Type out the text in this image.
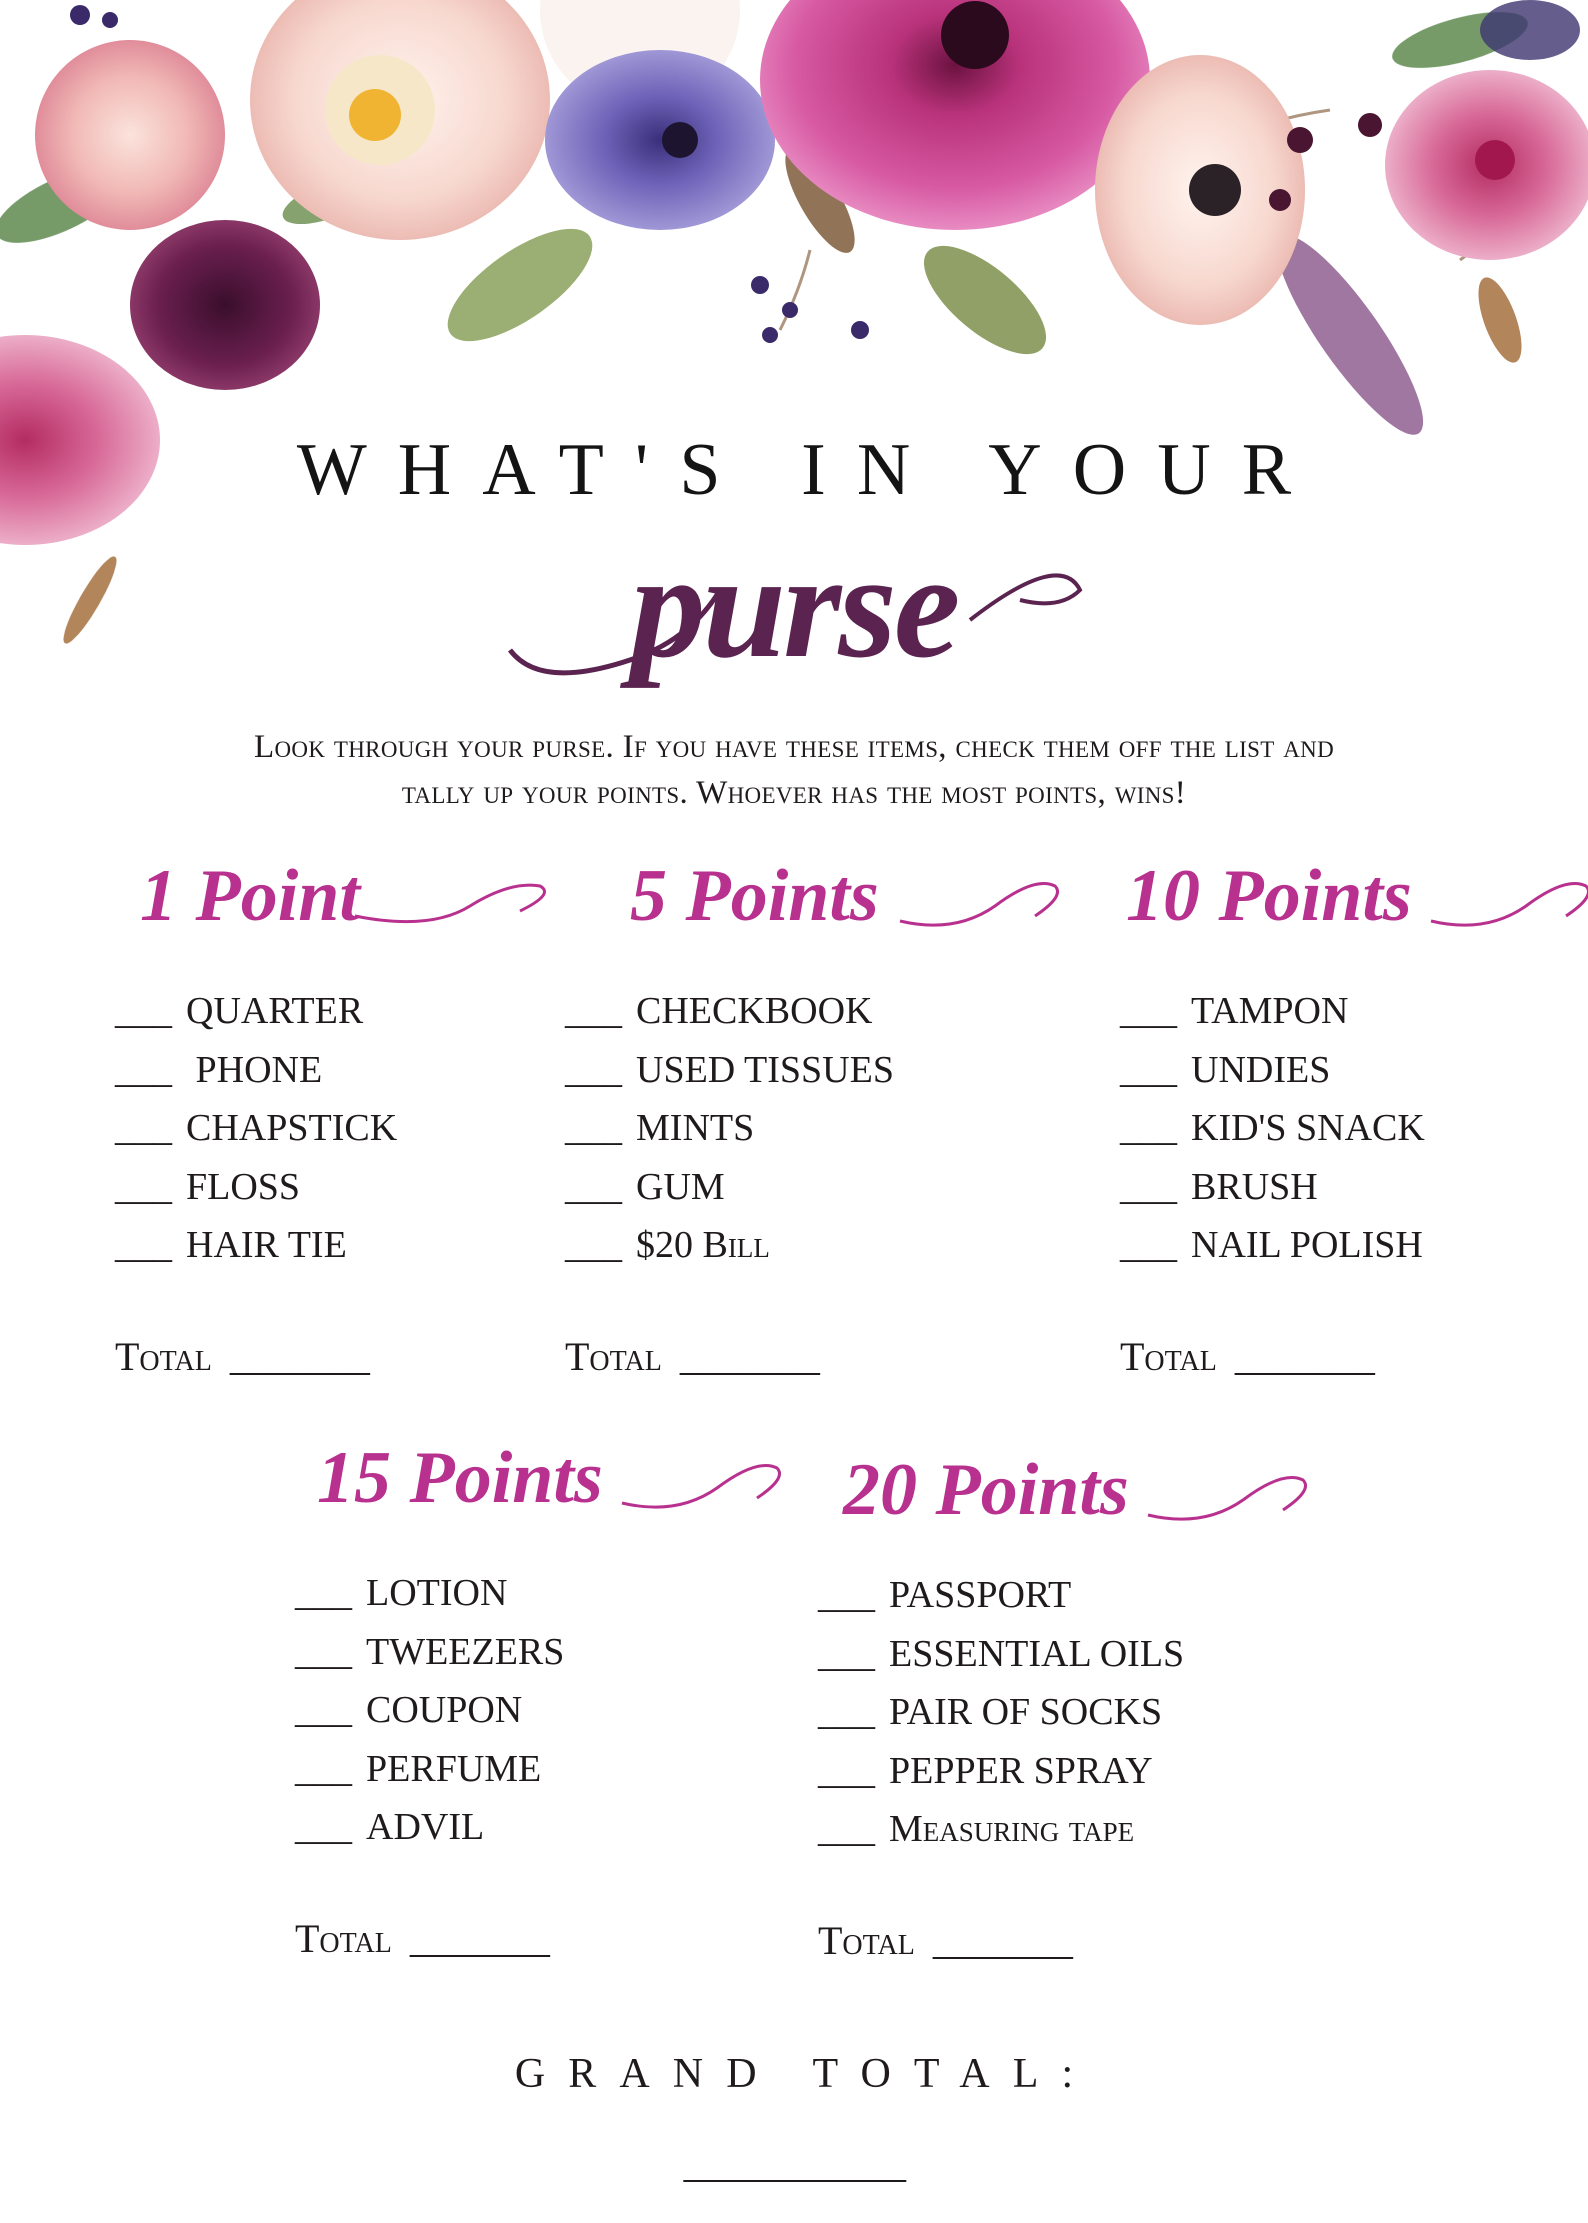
WHAT'S IN YOUR
purse
Look through your purse. If you have these items, check them off the list and
tally up your points. Whoever has the most points, wins!
1 Point
___ QUARTER
___ PHONE
___ CHAPSTICK
___ FLOSS
___ HAIR TIE
Total _______
5 Points
___ CHECKBOOK
___ USED TISSUES
___ MINTS
___ GUM
___ $20 Bill
Total _______
10 Points
___ TAMPON
___ UNDIES
___ KID'S SNACK
___ BRUSH
___ NAIL POLISH
Total _______
15 Points
___ LOTION
___ TWEEZERS
___ COUPON
___ PERFUME
___ ADVIL
Total _______
20 Points
___ PASSPORT
___ ESSENTIAL OILS
___ PAIR OF SOCKS
___ PEPPER SPRAY
___ Measuring tape
Total _______
GRAND TOTAL:
____________
